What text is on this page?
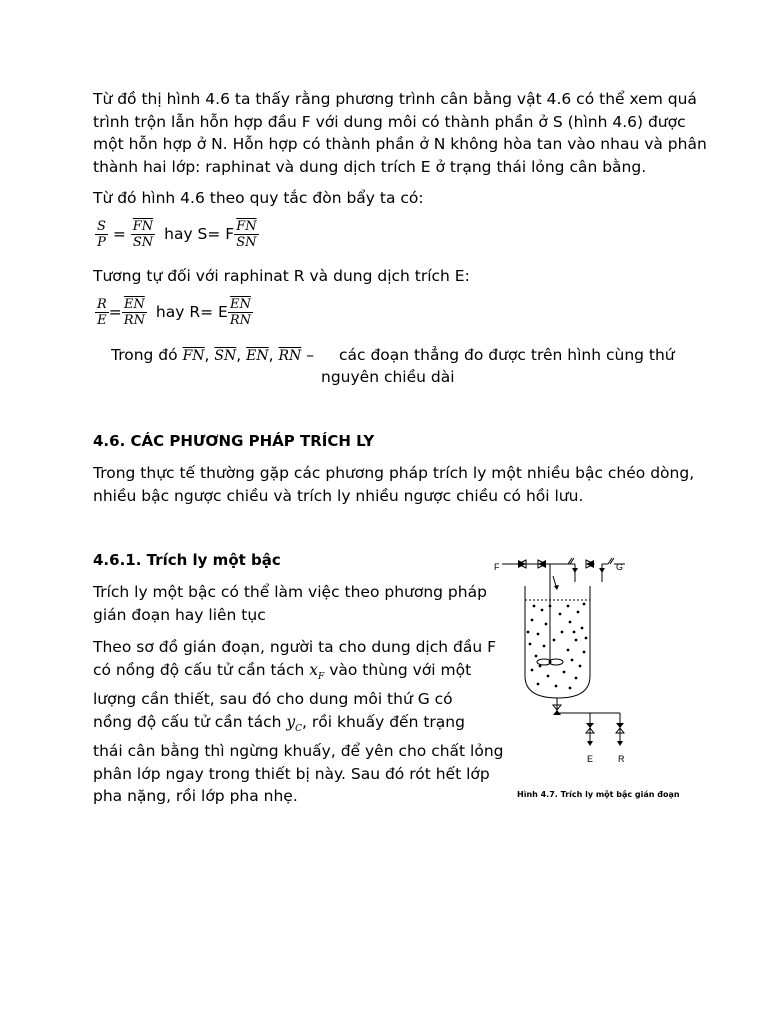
Từ đồ thị hình 4.6 ta thấy rằng phương trình cân bằng vật 4.6 có thể xem quá

trình trộn lẫn hỗn hợp đầu F với dung môi có thành phần ở S (hình 4.6) được

một hỗn hợp ở N. Hỗn hợp có thành phần ở N không hòa tan vào nhau và phân

thành hai lớp: raphinat và dung dịch trích E ở trạng thái lỏng cân bằng.

Từ đó hình 4.6 theo quy tắc đòn bẩy ta có:

$\frac{S}{P} = \frac{\overline{FN}}{SN}$ hay S= F $\frac{\overline{FN}}{SN}$

Tương tự đối với raphinat R và dung dịch trích E:

$\frac{R}{E} = \frac{\overline{EN}}{RN}$ hay R= E $\frac{\overline{EN}}{RN}$
Trong đó $\overline{FN}$, $\overline{SN}$, $\overline{EN}$, $\overline{RN}$ – các đoạn thẳng đo được trên hình cùng thứ

nguyên chiều dài

4.6. CÁC PHƯƠNG PHÁP TRÍCH LY

Trong thực tế thường gặp các phương pháp trích ly một nhiều bậc chéo dòng,

nhiều bậc ngược chiều và trích ly nhiều ngược chiều có hồi lưu.

4.6.1. Trích ly một bậc

Trích ly một bậc có thể làm việc theo phương pháp

gián đoạn hay liên tục

Theo sơ đồ gián đoạn, người ta cho dung dịch đầu F

có nồng độ cấu tử cần tách $x_F$ vào thùng với một

lượng cần thiết, sau đó cho dung môi thứ G có

nồng độ cấu tử cần tách $y_C$, rồi khuấy đến trạng

thái cân bằng thì ngừng khuấy, để yên cho chất lỏng

phân lớp ngay trong thiết bị này. Sau đó rót hết lớp

pha nặng, rồi lớp pha nhẹ.

F	G
E	R
Hình 4.7. Trích ly một bậc gián đoạn
